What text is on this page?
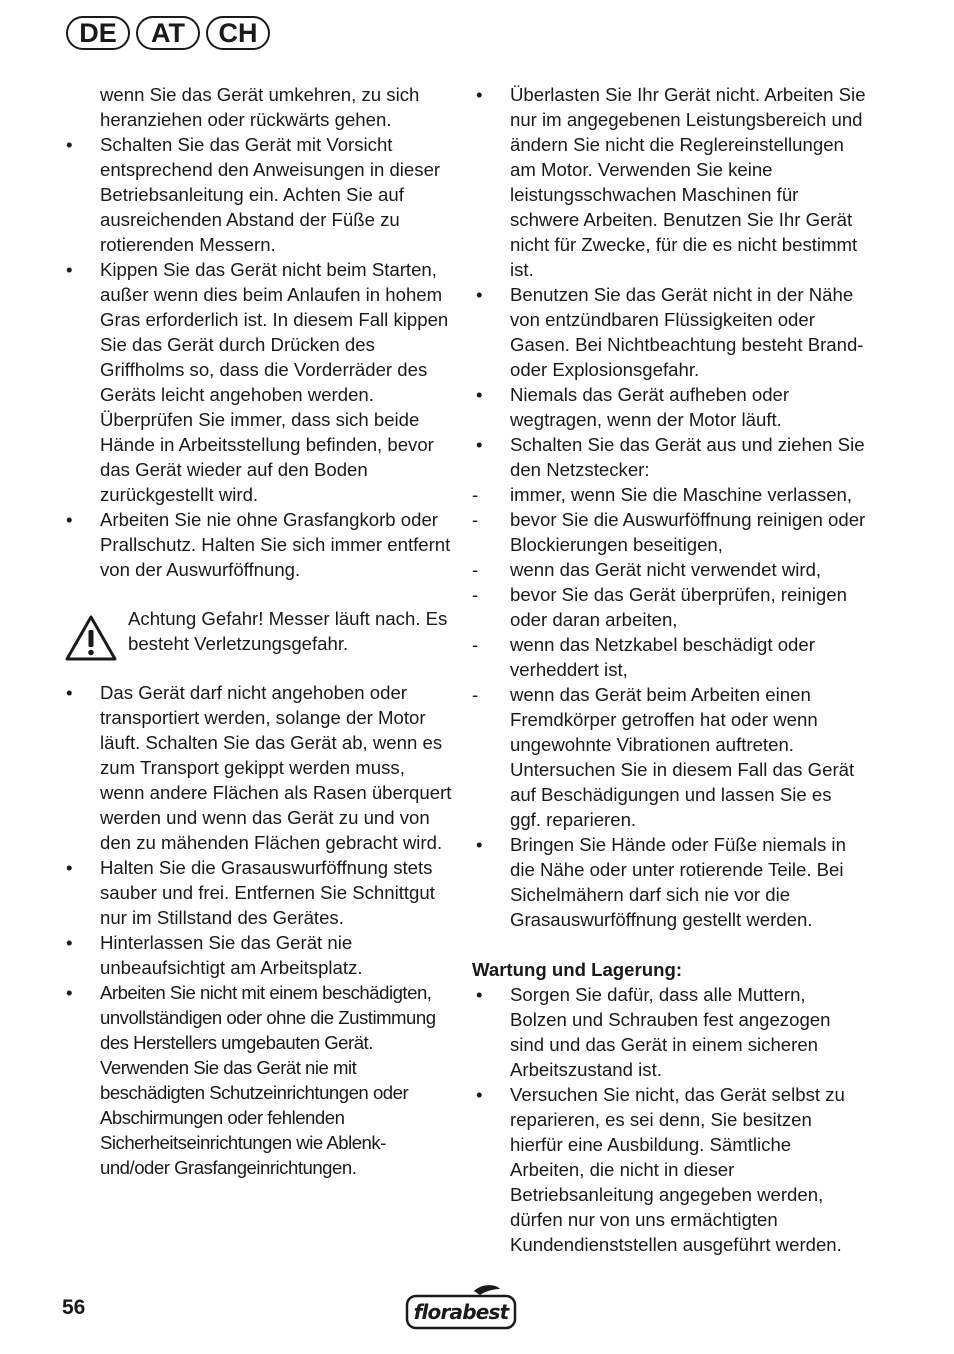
DE	AT	CH
wenn Sie das Gerät umkehren, zu sich heranziehen oder rückwärts gehen.
•	Schalten Sie das Gerät mit Vorsicht entsprechend den Anweisungen in dieser Betriebsanleitung ein. Achten Sie auf ausreichenden Abstand der Füße zu rotierenden Messern.
•	Kippen Sie das Gerät nicht beim Starten, außer wenn dies beim Anlaufen in hohem Gras erforderlich ist. In diesem Fall kippen Sie das Gerät durch Drücken des Griffholms so, dass die Vorderräder des Geräts leicht angehoben werden. Überprüfen Sie immer, dass sich beide Hände in Arbeitsstellung befinden, bevor das Gerät wieder auf den Boden zurückgestellt wird.
•	Arbeiten Sie nie ohne Grasfangkorb oder Prallschutz. Halten Sie sich immer entfernt von der Auswurföffnung.
Achtung Gefahr! Messer läuft nach. Es besteht Verletzungsgefahr.
•	Das Gerät darf nicht angehoben oder transportiert werden, solange der Motor läuft. Schalten Sie das Gerät ab, wenn es zum Transport gekippt werden muss, wenn andere Flächen als Rasen überquert werden und wenn das Gerät zu und von den zu mähenden Flächen gebracht wird.
•	Halten Sie die Grasauswurföffnung stets sauber und frei. Entfernen Sie Schnittgut nur im Stillstand des Gerätes.
•	Hinterlassen Sie das Gerät nie unbeaufsichtigt am Arbeitsplatz.
•	Arbeiten Sie nicht mit einem beschädigten, unvollständigen oder ohne die Zustimmung des Herstellers umgebauten Gerät. Verwenden Sie das Gerät nie mit beschädigten Schutzeinrichtungen oder Abschirmungen oder fehlenden Sicherheitseinrichtungen wie Ablenk- und/oder Grasfangeinrichtungen.
•	Überlasten Sie Ihr Gerät nicht. Arbeiten Sie nur im angegebenen Leistungsbereich und ändern Sie nicht die Reglereinstellungen am Motor. Verwenden Sie keine leistungsschwachen Maschinen für schwere Arbeiten. Benutzen Sie Ihr Gerät nicht für Zwecke, für die es nicht bestimmt ist.
•	Benutzen Sie das Gerät nicht in der Nähe von entzündbaren Flüssigkeiten oder Gasen. Bei Nichtbeachtung besteht Brand- oder Explosionsgefahr.
•	Niemals das Gerät aufheben oder wegtragen, wenn der Motor läuft.
•	Schalten Sie das Gerät aus und ziehen Sie den Netzstecker:
-	immer, wenn Sie die Maschine verlassen,
-	bevor Sie die Auswurföffnung reinigen oder Blockierungen beseitigen,
-	wenn das Gerät nicht verwendet wird,
-	bevor Sie das Gerät überprüfen, reinigen oder daran arbeiten,
-	wenn das Netzkabel beschädigt oder verheddert ist,
-	wenn das Gerät beim Arbeiten einen Fremdkörper getroffen hat oder wenn ungewohnte Vibrationen auftreten. Untersuchen Sie in diesem Fall das Gerät auf Beschädigungen und lassen Sie es ggf. reparieren.
•	Bringen Sie Hände oder Füße niemals in die Nähe oder unter rotierende Teile. Bei Sichelmähern darf sich nie vor die Grasauswurföffnung gestellt werden.
Wartung und Lagerung:
•	Sorgen Sie dafür, dass alle Muttern, Bolzen und Schrauben fest angezogen sind und das Gerät in einem sicheren Arbeitszustand ist.
•	Versuchen Sie nicht, das Gerät selbst zu reparieren, es sei denn, Sie besitzen hierfür eine Ausbildung. Sämtliche Arbeiten, die nicht in dieser Betriebsanleitung angegeben werden, dürfen nur von uns ermächtigten Kundendienststellen ausgeführt werden.
56	florabest
